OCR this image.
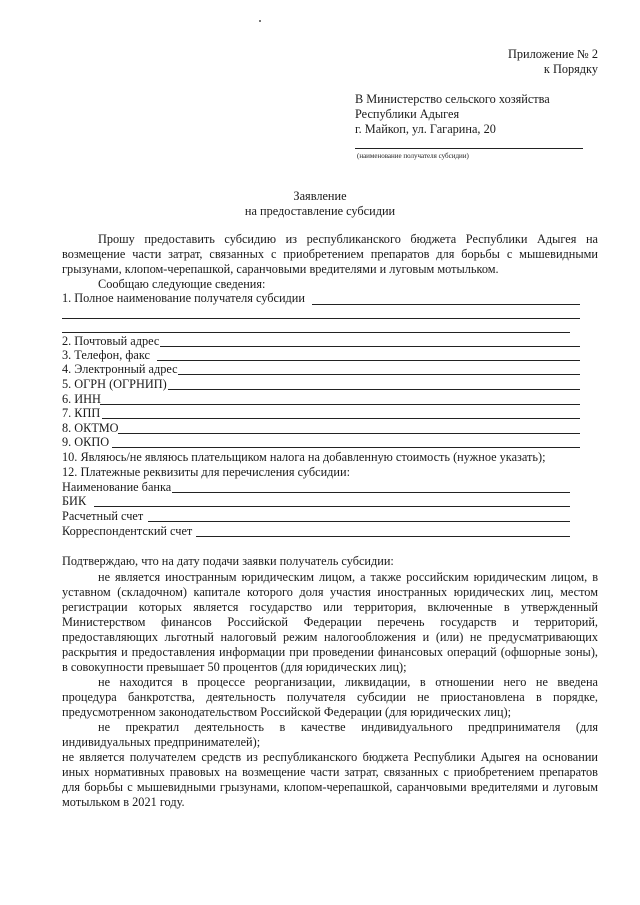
Приложение № 2
к Порядку
В Министерство сельского хозяйства
Республики Адыгея
г. Майкоп, ул. Гагарина, 20
(наименование получателя субсидии)
Заявление
на предоставление субсидии
Прошу предоставить субсидию из республиканского бюджета Республики Адыгея на
возмещение части затрат, связанных с приобретением препаратов для борьбы с мышевидными
грызунами, клопом-черепашкой, саранчовыми вредителями и луговым мотыльком.
Сообщаю следующие сведения:
1. Полное наименование получателя субсидии
2. Почтовый адрес
3. Телефон, факс
4. Электронный адрес
5. ОГРН (ОГРНИП)
6. ИНН
7. КПП
8. ОКТМО
9. ОКПО
10. Являюсь/не являюсь плательщиком налога на добавленную стоимость (нужное указать);
12. Платежные реквизиты для перечисления субсидии:
Наименование банка
БИК
Расчетный счет
Корреспондентский счет
Подтверждаю, что на дату подачи заявки получатель субсидии:
не является иностранным юридическим лицом, а также российским юридическим лицом, в
уставном (складочном) капитале которого доля участия иностранных юридических лиц, местом
регистрации которых является государство или территория, включенные в утвержденный
Министерством финансов Российской Федерации перечень государств и территорий,
предоставляющих льготный налоговый режим налогообложения и (или) не предусматривающих
раскрытия и предоставления информации при проведении финансовых операций (офшорные зоны),
в совокупности превышает 50 процентов (для юридических лиц);
не находится в процессе реорганизации, ликвидации, в отношении него не введена
процедура банкротства, деятельность получателя субсидии не приостановлена в порядке,
предусмотренном законодательством Российской Федерации (для юридических лиц);
не прекратил деятельность в качестве индивидуального предпринимателя (для
индивидуальных предпринимателей);
не является получателем средств из республиканского бюджета Республики Адыгея на основании
иных нормативных правовых на возмещение части затрат, связанных с приобретением препаратов
для борьбы с мышевидными грызунами, клопом-черепашкой, саранчовыми вредителями и луговым
мотыльком в 2021 году.
